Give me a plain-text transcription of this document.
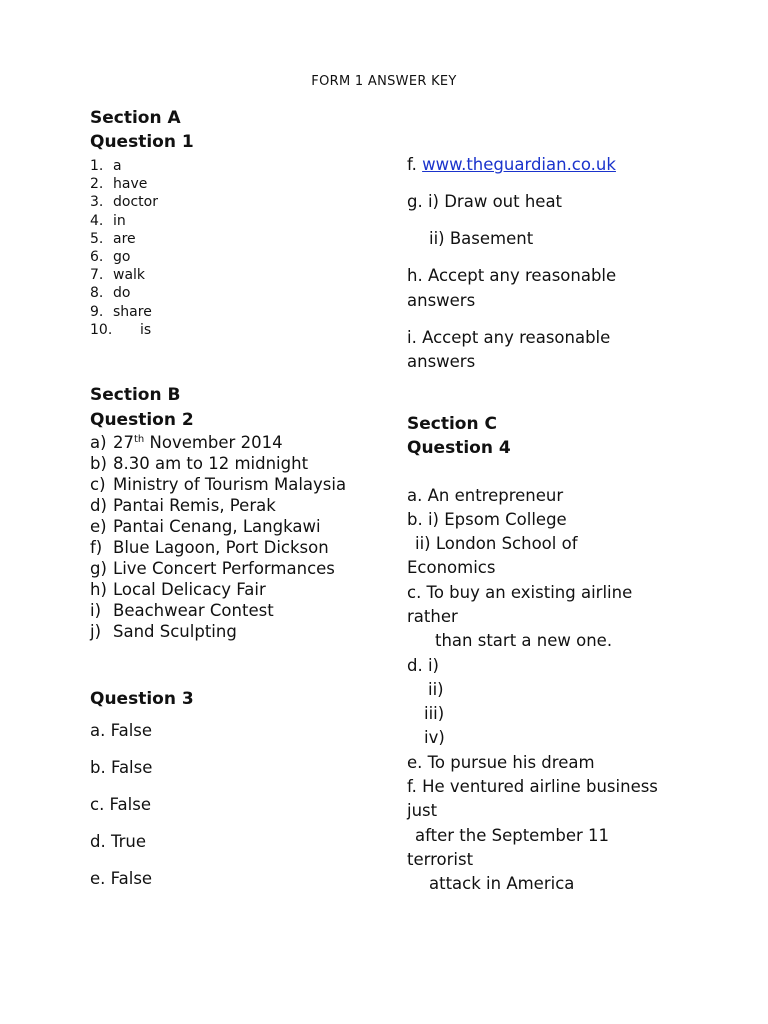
FORM 1 ANSWER KEY
Section A
Question 1
1. a
2. have
3. doctor
4. in
5. are
6. go
7. walk
8. do
9. share
10.	is
Section B
Question 2
a) 27th November 2014
b) 8.30 am to 12 midnight
c) Ministry of Tourism Malaysia
d) Pantai Remis, Perak
e) Pantai Cenang, Langkawi
f) Blue Lagoon, Port Dickson
g) Live Concert Performances
h) Local Delicacy Fair
i) Beachwear Contest
j) Sand Sculpting
Question 3

a. False

b. False

c. False

d. True

e. False

f. www.theguardian.co.uk

g. i) Draw out heat

ii) Basement

h. Accept any reasonable

answers

i. Accept any reasonable

answers

Section C
Question 4

a. An entrepreneur

b. i) Epsom College

ii) London School of

Economics

c. To buy an existing airline

rather

than start a new one.

d. i)

ii)

iii)

iv)

e. To pursue his dream

f. He ventured airline business

just

after the September 11

terrorist

attack in America
